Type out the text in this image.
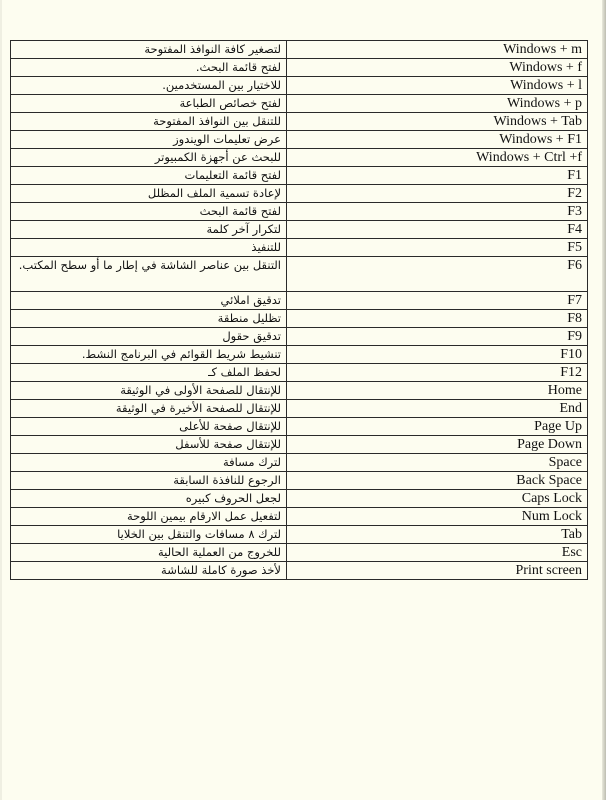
لتصغير كافة النوافذ المفتوحة	Windows + m
لفتح قائمة البحث.	Windows + f
للاختيار بين المستخدمين.	Windows + l
لفتح خصائص الطباعة	Windows + p
للتنقل بين النوافذ المفتوحة	Windows + Tab
عرض تعليمات الويندوز	Windows + F1
للبحث عن أجهزة الكمبيوتر	Windows + Ctrl +f
لفتح قائمة التعليمات	F1
لإعادة تسمية الملف المظلل	F2
لفتح قائمة البحث	F3
لتكرار آخر كلمة	F4
للتنفيذ	F5
التنقل بين عناصر الشاشة في إطار ما أو سطح المكتب.	F6
تدقيق املائي	F7
تظليل منطقة	F8
تدقيق حقول	F9
تنشيط شريط القوائم في البرنامج النشط.	F10
لحفظ الملف كـ	F12
للإنتقال للصفحة الأولى في الوثيقة	Home
للإنتقال للصفحة الأخيرة في الوثيقة	End
للإنتقال صفحة للأعلى	Page Up
للإنتقال صفحة للأسفل	Page Down
لترك مسافة	Space
الرجوع للنافذة السابقة	Back Space
لجعل الحروف كبيره	Caps Lock
لتفعيل عمل الارقام بيمين اللوحة	Num Lock
لترك ٨ مسافات والتنقل بين الخلايا	Tab
للخروج من العملية الحالية	Esc
لأخذ صورة كاملة للشاشة	Print screen
